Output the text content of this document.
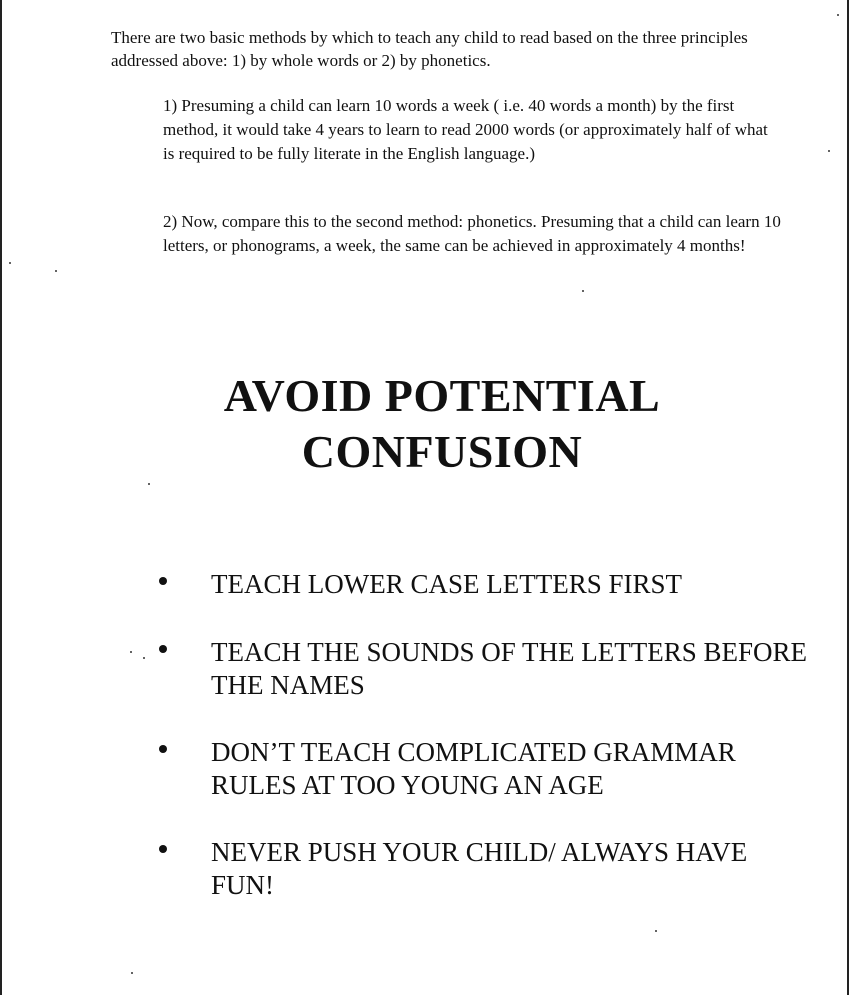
There are two basic methods by which to teach any child to read based on the three principles addressed above: 1) by whole words or 2) by phonetics.

1) Presuming a child can learn 10 words a week ( i.e. 40 words a month) by the first method, it would take 4 years to learn to read 2000 words (or approximately half of what is required to be fully literate in the English language.)

2) Now, compare this to the second method: phonetics. Presuming that a child can learn 10 letters, or phonograms, a week, the same can be achieved in approximately 4 months!

AVOID POTENTIAL
CONFUSION

TEACH LOWER CASE LETTERS FIRST

TEACH THE SOUNDS OF THE LETTERS BEFORE THE NAMES

DON’T TEACH COMPLICATED GRAMMAR RULES AT TOO YOUNG AN AGE

NEVER PUSH YOUR CHILD/ ALWAYS HAVE FUN!
